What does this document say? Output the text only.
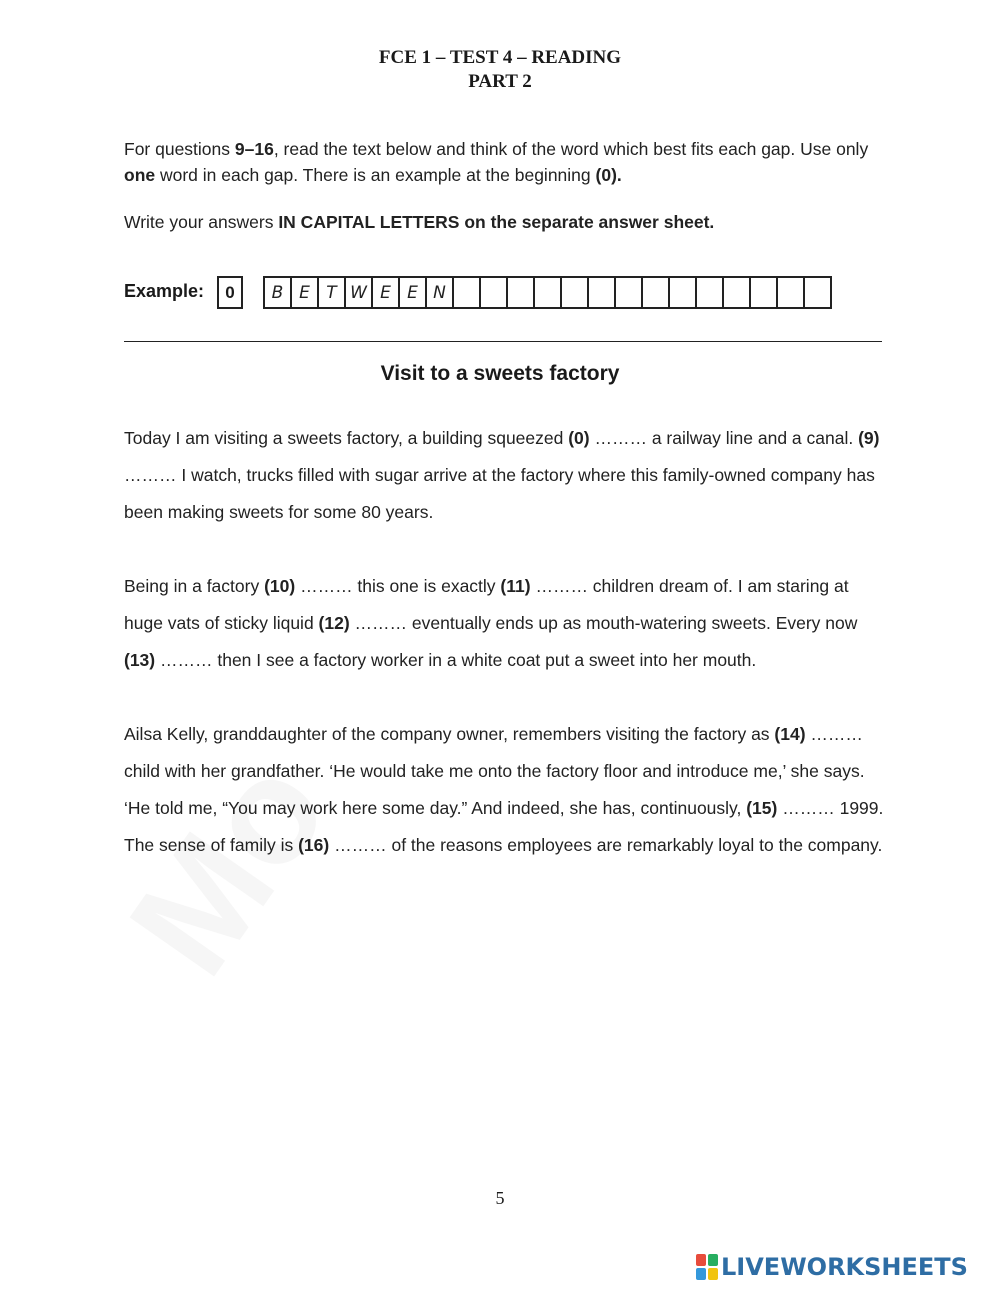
FCE 1 – TEST 4 – READING
PART 2
For questions 9–16, read the text below and think of the word which best fits each gap. Use only one word in each gap. There is an example at the beginning (0).
Write your answers IN CAPITAL LETTERS on the separate answer sheet.
Example:	0	B E T W E E N
Visit to a sweets factory
Today I am visiting a sweets factory, a building squeezed (0) ……… a railway line and a canal. (9) ……… I watch, trucks filled with sugar arrive at the factory where this family-owned company has been making sweets for some 80 years.
Being in a factory (10) ……… this one is exactly (11) ……… children dream of. I am staring at huge vats of sticky liquid (12) ……… eventually ends up as mouth-watering sweets. Every now (13) ……… then I see a factory worker in a white coat put a sweet into her mouth.
Ailsa Kelly, granddaughter of the company owner, remembers visiting the factory as (14) ……… child with her grandfather. ‘He would take me onto the factory floor and introduce me,’ she says. ‘He told me, “You may work here some day.” And indeed, she has, continuously, (15) ……… 1999. The sense of family is (16) ……… of the reasons employees are remarkably loyal to the company.
5
LIVEWORKSHEETS
